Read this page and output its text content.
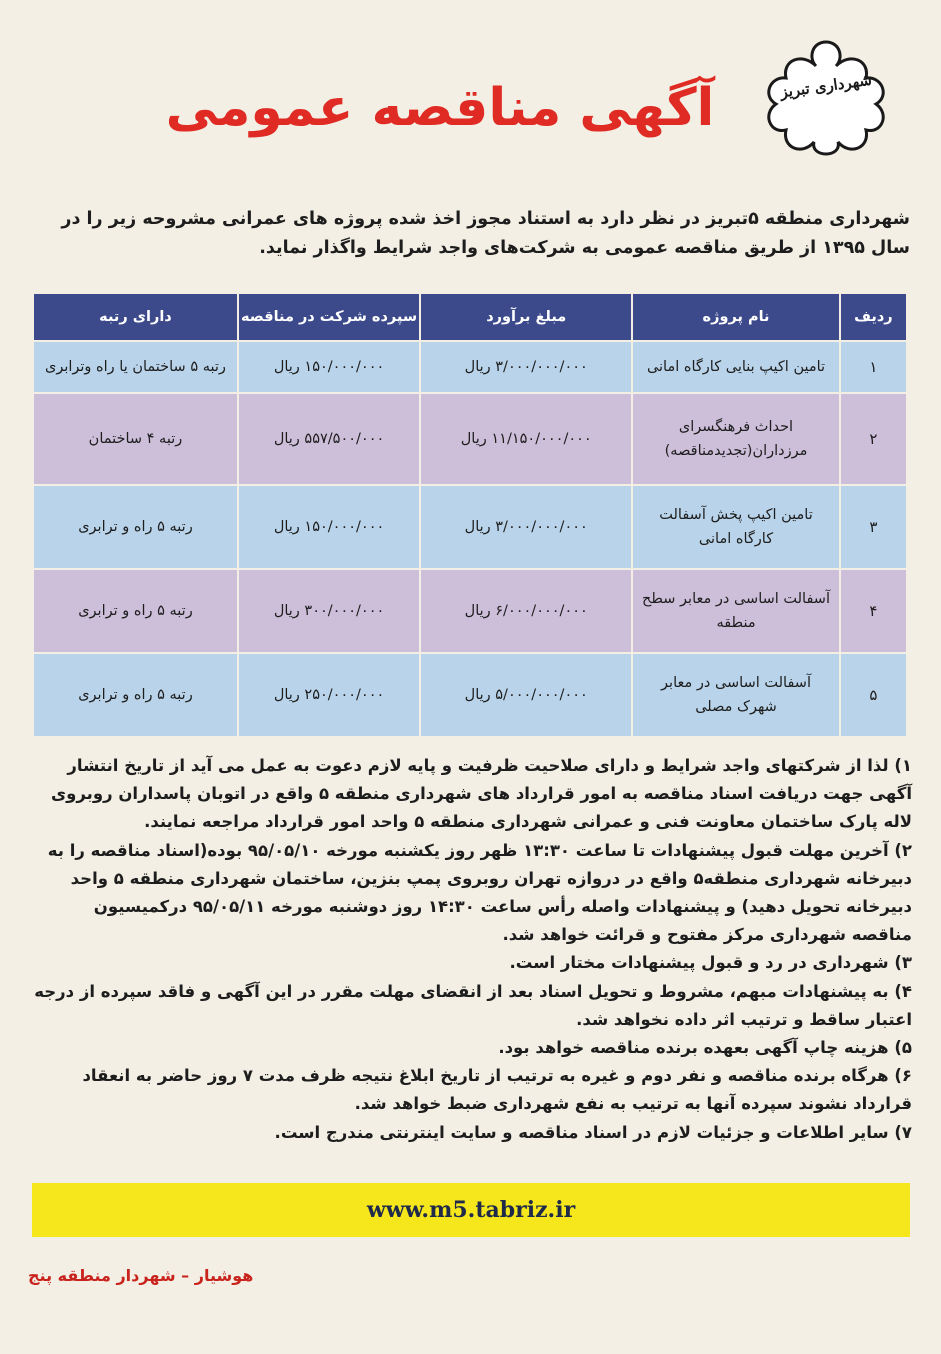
شهرداری تبریز
آگهی مناقصه عمومی
شهرداری منطقه ۵تبریز در نظر دارد به استناد مجوز اخذ شده پروژه های عمرانی مشروحه زیر را در سال ۱۳۹۵ از طریق مناقصه عمومی به شرکت‌های واجد شرایط واگذار نماید.
ردیف	نام پروژه	مبلغ برآورد	سپرده شرکت در مناقصه	دارای رتبه
۱	تامین اکیپ بنایی کارگاه امانی	۳/۰۰۰/۰۰۰/۰۰۰ ریال	۱۵۰/۰۰۰/۰۰۰ ریال	رتبه ۵ ساختمان یا راه وترابری
۲	احداث فرهنگسرای مرزداران(تجدیدمناقصه)	۱۱/۱۵۰/۰۰۰/۰۰۰ ریال	۵۵۷/۵۰۰/۰۰۰ ریال	رتبه ۴ ساختمان
۳	تامین اکیپ پخش آسفالت کارگاه امانی	۳/۰۰۰/۰۰۰/۰۰۰ ریال	۱۵۰/۰۰۰/۰۰۰ ریال	رتبه ۵ راه و ترابری
۴	آسفالت اساسی در معابر سطح منطقه	۶/۰۰۰/۰۰۰/۰۰۰ ریال	۳۰۰/۰۰۰/۰۰۰ ریال	رتبه ۵ راه و ترابری
۵	آسفالت اساسی در معابر شهرک مصلی	۵/۰۰۰/۰۰۰/۰۰۰ ریال	۲۵۰/۰۰۰/۰۰۰ ریال	رتبه ۵ راه و ترابری

۱) لذا از شرکتهای واجد شرایط و دارای صلاحیت ظرفیت و پایه لازم دعوت به عمل می آید از تاریخ انتشار آگهی جهت دریافت اسناد مناقصه به امور قرارداد های شهرداری منطقه ۵ واقع در اتوبان پاسداران روبروی لاله پارک ساختمان معاونت فنی و عمرانی شهرداری منطقه ۵ واحد امور قرارداد مراجعه نمایند.

۲) آخرین مهلت قبول پیشنهادات تا ساعت ۱۳:۳۰ ظهر روز یکشنبه مورخه ۹۵/۰۵/۱۰ بوده(اسناد مناقصه را به دبیرخانه شهرداری منطقه۵ واقع در دروازه تهران روبروی پمپ بنزین، ساختمان شهرداری منطقه ۵ واحد دبیرخانه تحویل دهید) و پیشنهادات واصله رأس ساعت ۱۴:۳۰ روز دوشنبه مورخه ۹۵/۰۵/۱۱ درکمیسیون مناقصه شهرداری مرکز مفتوح و قرائت خواهد شد.

۳) شهرداری در رد و قبول پیشنهادات مختار است.

۴) به پیشنهادات مبهم، مشروط و تحویل اسناد بعد از انقضای مهلت مقرر در این آگهی و فاقد سپرده از درجه اعتبار ساقط و ترتیب اثر داده نخواهد شد.

۵) هزینه چاپ آگهی بعهده برنده مناقصه خواهد بود.

۶) هرگاه برنده مناقصه و نفر دوم و غیره به ترتیب از تاریخ ابلاغ نتیجه ظرف مدت ۷ روز حاضر به انعقاد قرارداد نشوند سپرده آنها به ترتیب به نفع شهرداری ضبط خواهد شد.

۷) سایر اطلاعات و جزئیات لازم در اسناد مناقصه و سایت اینترنتی مندرج است.

www.m5.tabriz.ir
هوشیار – شهردار منطقه پنج
